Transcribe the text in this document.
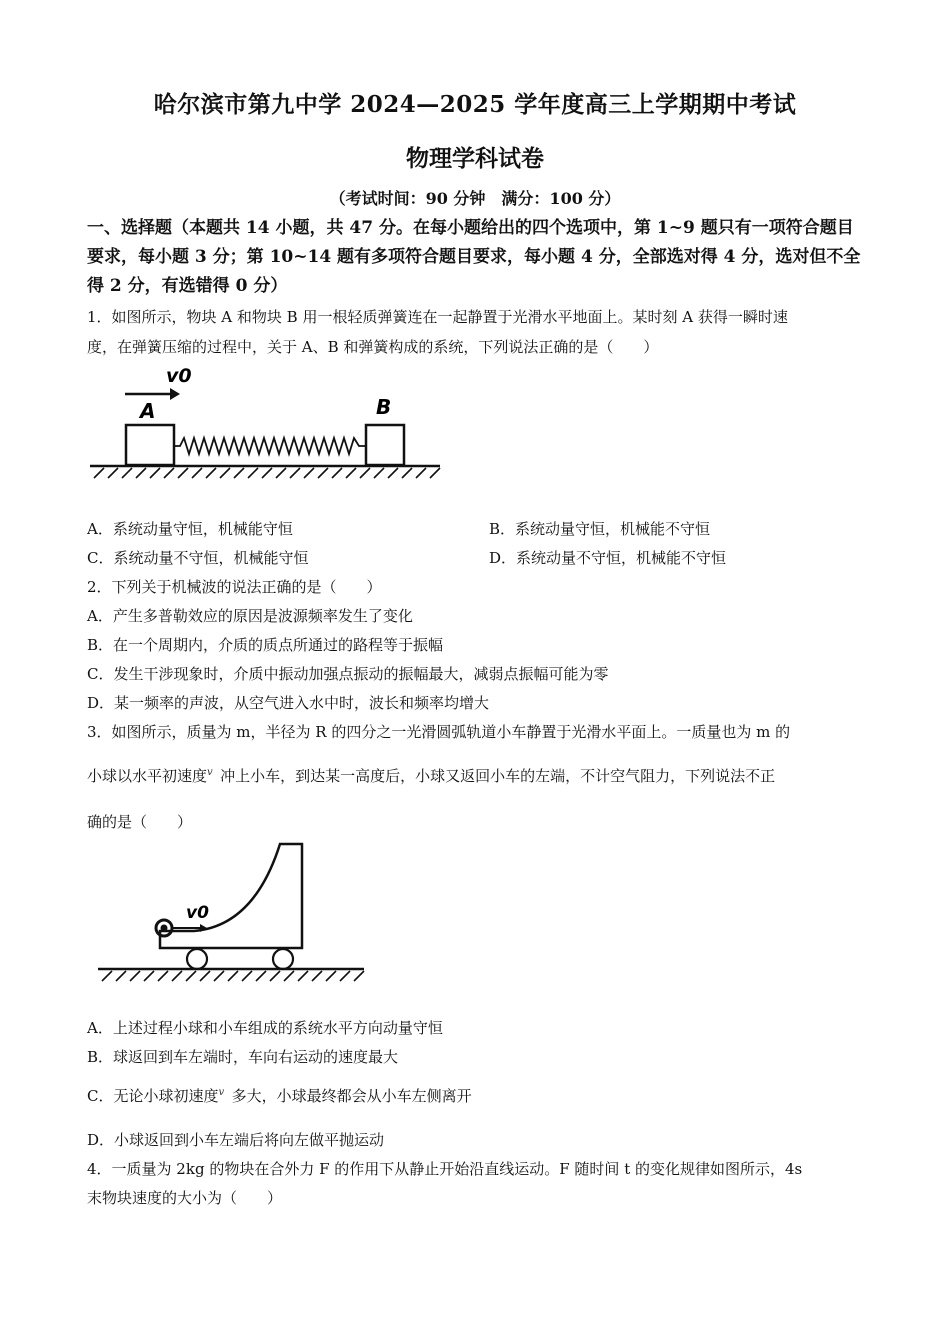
哈尔滨市第九中学 2024—2025 学年度高三上学期期中考试
物理学科试卷
（考试时间：90 分钟　满分：100 分）
一、选择题（本题共 14 小题，共 47 分。在每小题给出的四个选项中，第 1~9 题只有一项符合题目要求，每小题 3 分；第 10~14 题有多项符合题目要求，每小题 4 分，全部选对得 4 分，选对但不全得 2 分，有选错得 0 分）
1．如图所示，物块 A 和物块 B 用一根轻质弹簧连在一起静置于光滑水平地面上。某时刻 A 获得一瞬时速
度，在弹簧压缩的过程中，关于 A、B 和弹簧构成的系统，下列说法正确的是（　　）
v0
A	B
A．系统动量守恒，机械能守恒	B．系统动量守恒，机械能不守恒
C．系统动量不守恒，机械能守恒	D．系统动量不守恒，机械能不守恒
2．下列关于机械波的说法正确的是（　　）
A．产生多普勒效应的原因是波源频率发生了变化
B．在一个周期内，介质的质点所通过的路程等于振幅
C．发生干涉现象时，介质中振动加强点振动的振幅最大，减弱点振幅可能为零
D．某一频率的声波，从空气进入水中时，波长和频率均增大
3．如图所示，质量为 m，半径为 R 的四分之一光滑圆弧轨道小车静置于光滑水平面上。一质量也为 m 的
小球以水平初速度$^v$  冲上小车，到达某一高度后，小球又返回小车的左端，不计空气阻力，下列说法不正
确的是（　　）
v0
A．上述过程小球和小车组成的系统水平方向动量守恒
B．球返回到车左端时，车向右运动的速度最大
C．无论小球初速度$^v$  多大，小球最终都会从小车左侧离开
D．小球返回到小车左端后将向左做平抛运动
4．一质量为 2kg 的物块在合外力 F 的作用下从静止开始沿直线运动。F 随时间 t 的变化规律如图所示，4s
末物块速度的大小为（　　）
